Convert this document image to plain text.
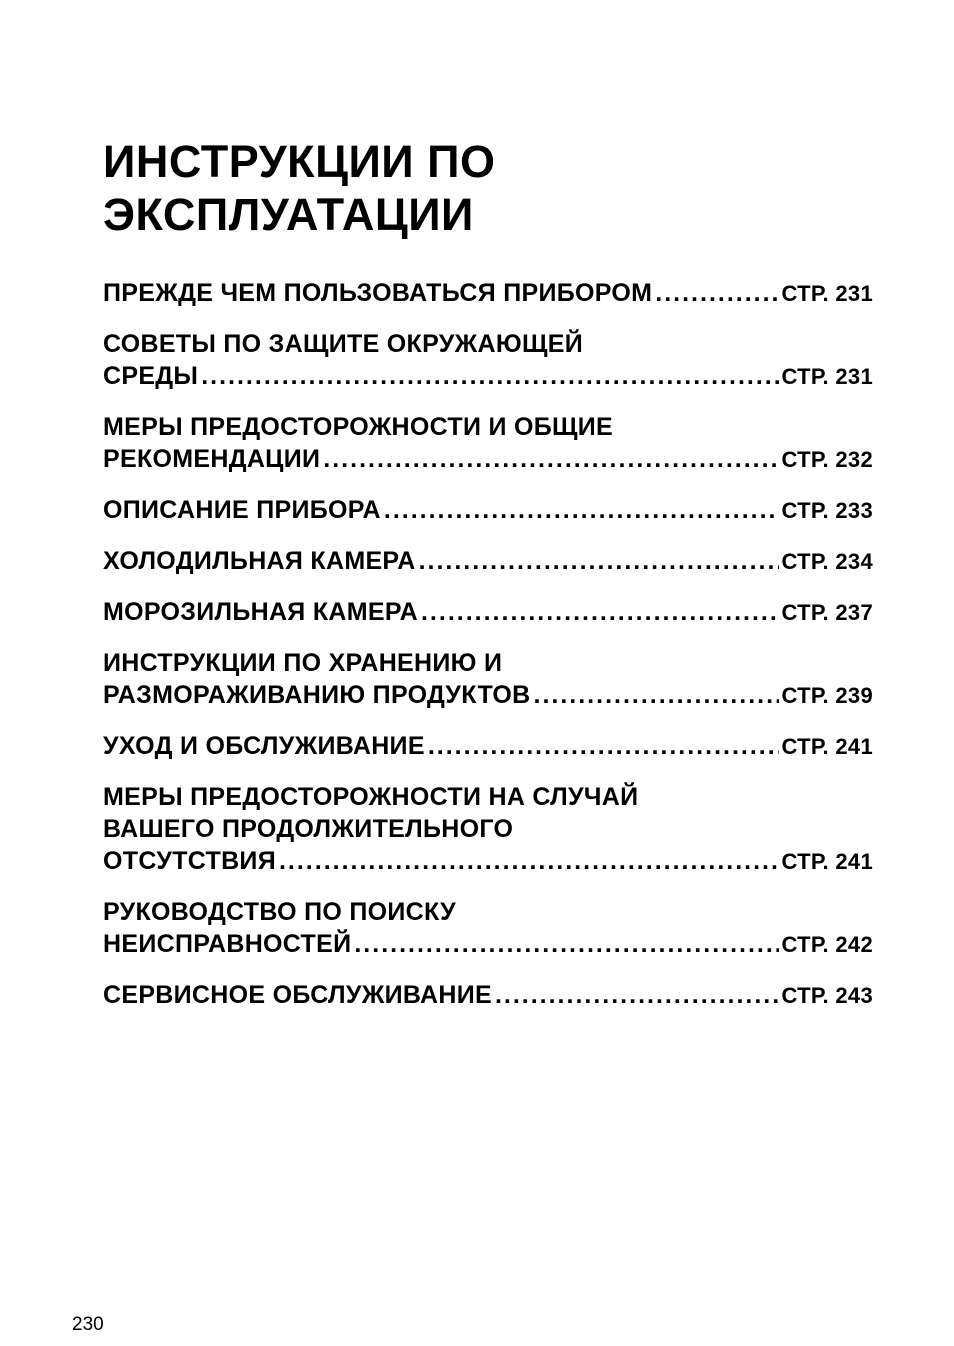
ИНСТРУКЦИИ ПО
ЭКСПЛУАТАЦИИ
ПРЕЖДЕ ЧЕМ ПОЛЬЗОВАТЬСЯ ПРИБОРОМ .....	СТР. 231
СОВЕТЫ ПО ЗАЩИТЕ ОКРУЖАЮЩЕЙ
СРЕДЫ .....	СТР. 231
МЕРЫ ПРЕДОСТОРОЖНОСТИ И ОБЩИЕ
РЕКОМЕНДАЦИИ .....	СТР. 232
ОПИСАНИЕ ПРИБОРА .....	СТР. 233
ХОЛОДИЛЬНАЯ КАМЕРА .....	СТР. 234
МОРОЗИЛЬНАЯ КАМЕРА .....	СТР. 237
ИНСТРУКЦИИ ПО ХРАНЕНИЮ И
РАЗМОРАЖИВАНИЮ ПРОДУКТОВ .....	СТР. 239
УХОД И ОБСЛУЖИВАНИЕ .....	СТР. 241
МЕРЫ ПРЕДОСТОРОЖНОСТИ НА СЛУЧАЙ
ВАШЕГО ПРОДОЛЖИТЕЛЬНОГО
ОТСУТСТВИЯ .....	СТР. 241
РУКОВОДСТВО ПО ПОИСКУ
НЕИСПРАВНОСТЕЙ .....	СТР. 242
СЕРВИСНОЕ ОБСЛУЖИВАНИЕ .....	СТР. 243
230
